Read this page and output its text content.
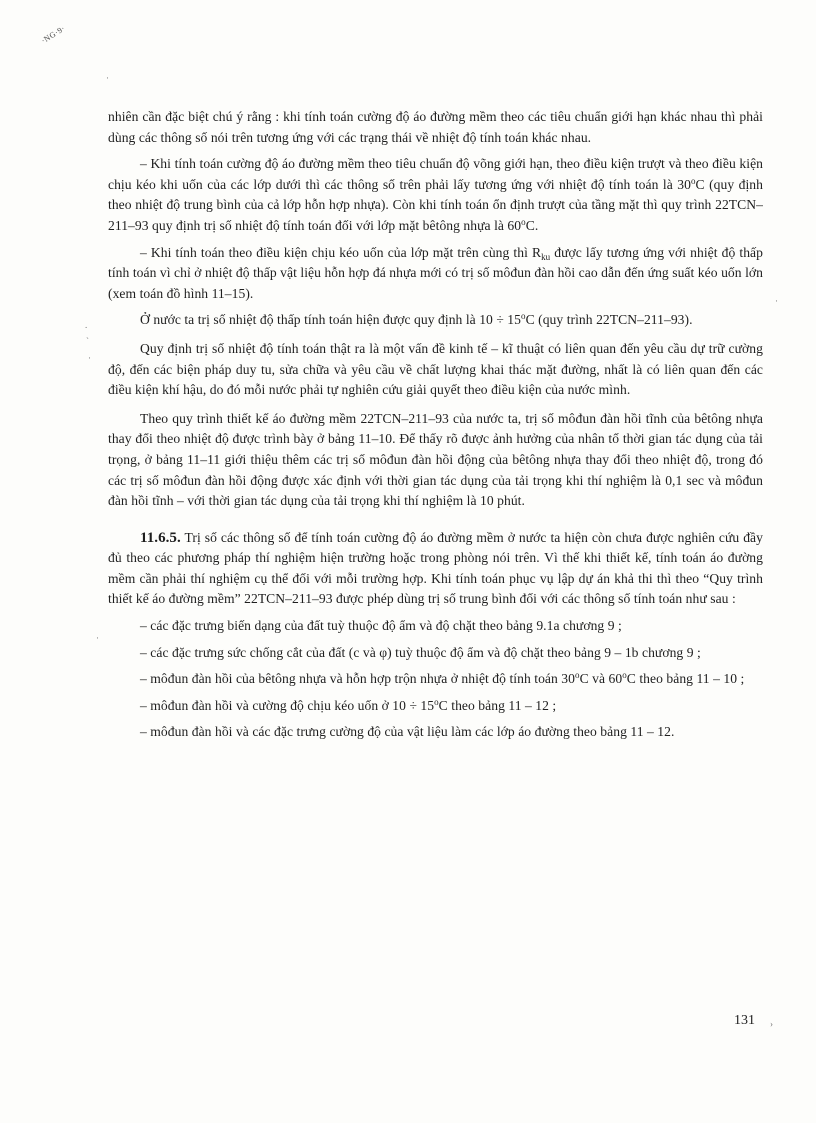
·NG·9·

nhiên cần đặc biệt chú ý rằng : khi tính toán cường độ áo đường mềm theo các tiêu chuẩn giới hạn khác nhau thì phải dùng các thông số nói trên tương ứng với các trạng thái về nhiệt độ tính toán khác nhau.

– Khi tính toán cường độ áo đường mềm theo tiêu chuẩn độ võng giới hạn, theo điều kiện trượt và theo điều kiện chịu kéo khi uốn của các lớp dưới thì các thông số trên phải lấy tương ứng với nhiệt độ tính toán là 30$^o$C (quy định theo nhiệt độ trung bình của cả lớp hỗn hợp nhựa). Còn khi tính toán ổn định trượt của tầng mặt thì quy trình 22TCN–211–93 quy định trị số nhiệt độ tính toán đối với lớp mặt bêtông nhựa là 60$^o$C.

– Khi tính toán theo điều kiện chịu kéo uốn của lớp mặt trên cùng thì $R_{ku}$ được lấy tương ứng với nhiệt độ thấp tính toán vì chỉ ở nhiệt độ thấp vật liệu hỗn hợp đá nhựa mới có trị số môđun đàn hồi cao dẫn đến ứng suất kéo uốn lớn (xem toán đồ hình 11–15).

Ở nước ta trị số nhiệt độ thấp tính toán hiện được quy định là $10 \div 15^oC$ (quy trình 22TCN–211–93).

Quy định trị số nhiệt độ tính toán thật ra là một vấn đề kinh tế – kĩ thuật có liên quan đến yêu cầu dự trữ cường độ, đến các biện pháp duy tu, sửa chữa và yêu cầu về chất lượng khai thác mặt đường, nhất là có liên quan đến các điều kiện khí hậu, do đó mỗi nước phải tự nghiên cứu giải quyết theo điều kiện của nước mình.

Theo quy trình thiết kế áo đường mềm 22TCN–211–93 của nước ta, trị số môđun đàn hồi tĩnh của bêtông nhựa thay đổi theo nhiệt độ được trình bày ở bảng 11–10. Để thấy rõ được ảnh hưởng của nhân tố thời gian tác dụng của tải trọng, ở bảng 11–11 giới thiệu thêm các trị số môđun đàn hồi động của bêtông nhựa thay đổi theo nhiệt độ, trong đó các trị số môđun đàn hồi động được xác định với thời gian tác dụng của tải trọng khi thí nghiệm là 0,1 sec và môđun đàn hồi tĩnh – với thời gian tác dụng của tải trọng khi thí nghiệm là 10 phút.

11.6.5. Trị số các thông số để tính toán cường độ áo đường mềm ở nước ta hiện còn chưa được nghiên cứu đầy đủ theo các phương pháp thí nghiệm hiện trường hoặc trong phòng nói trên. Vì thế khi thiết kế, tính toán áo đường mềm cần phải thí nghiệm cụ thể đối với mỗi trường hợp. Khi tính toán phục vụ lập dự án khả thi thì theo “Quy trình thiết kế áo đường mềm” 22TCN–211–93 được phép dùng trị số trung bình đối với các thông số tính toán như sau :

– các đặc trưng biến dạng của đất tuỳ thuộc độ ẩm và độ chặt theo bảng 9.1a chương 9 ;

– các đặc trưng sức chống cắt của đất (c và φ) tuỳ thuộc độ ẩm và độ chặt theo bảng 9 – 1b chương 9 ;

– môđun đàn hồi của bêtông nhựa và hỗn hợp trộn nhựa ở nhiệt độ tính toán 30$^o$C và 60$^o$C theo bảng 11 – 10 ;

– môđun đàn hồi và cường độ chịu kéo uốn ở $10 \div 15^oC$ theo bảng 11 – 12 ;

– môđun đàn hồi và các đặc trưng cường độ của vật liệu làm các lớp áo đường theo bảng 11 – 12.

131
·
.
`
·
·
·
›
